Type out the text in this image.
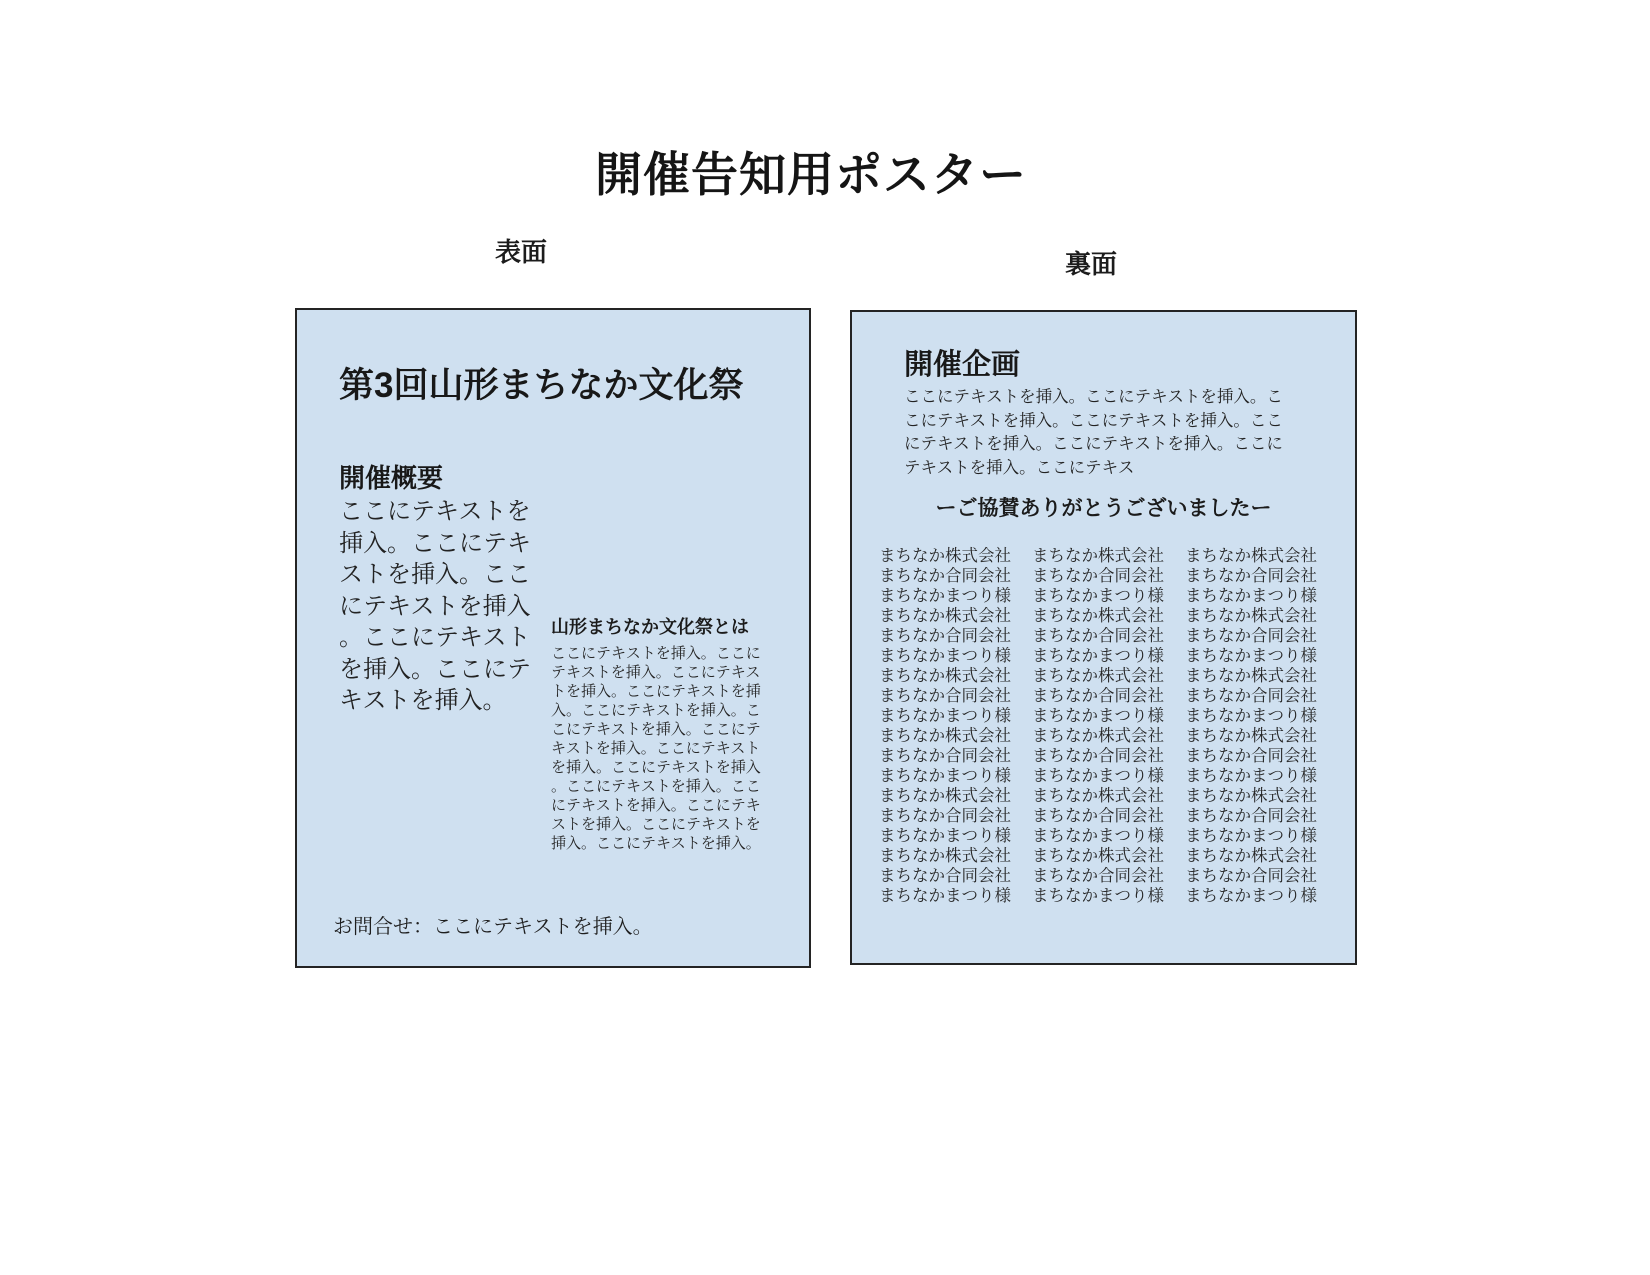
開催告知用ポスター
表面	裏面
第3回山形まちなか文化祭
開催概要
ここにテキストを挿入。ここにテキストを挿入。ここにテキストを挿入。ここにテキストを挿入。ここにテキストを挿入。
山形まちなか文化祭とは
ここにテキストを挿入。ここにテキストを挿入。ここにテキストを挿入。ここにテキストを挿入。ここにテキストを挿入。ここにテキストを挿入。ここにテキストを挿入。ここにテキストを挿入。ここにテキストを挿入。ここにテキストを挿入。ここにテキストを挿入。ここにテキストを挿入。ここにテキストを挿入。ここにテキストを挿入。
お問合せ：ここにテキストを挿入。
開催企画
ここにテキストを挿入。ここにテキストを挿入。ここにテキストを挿入。ここにテキストを挿入。ここにテキストを挿入。ここにテキストを挿入。ここにテキストを挿入。ここにテキス
ーご協賛ありがとうございましたー
まちなか株式会社
まちなか合同会社
まちなかまつり様
まちなか株式会社
まちなか合同会社
まちなかまつり様
まちなか株式会社
まちなか合同会社
まちなかまつり様
まちなか株式会社
まちなか合同会社
まちなかまつり様
まちなか株式会社
まちなか合同会社
まちなかまつり様
まちなか株式会社
まちなか合同会社
まちなかまつり様
まちなか株式会社
まちなか合同会社
まちなかまつり様
まちなか株式会社
まちなか合同会社
まちなかまつり様
まちなか株式会社
まちなか合同会社
まちなかまつり様
まちなか株式会社
まちなか合同会社
まちなかまつり様
まちなか株式会社
まちなか合同会社
まちなかまつり様
まちなか株式会社
まちなか合同会社
まちなかまつり様
まちなか株式会社
まちなか合同会社
まちなかまつり様
まちなか株式会社
まちなか合同会社
まちなかまつり様
まちなか株式会社
まちなか合同会社
まちなかまつり様
まちなか株式会社
まちなか合同会社
まちなかまつり様
まちなか株式会社
まちなか合同会社
まちなかまつり様
まちなか株式会社
まちなか合同会社
まちなかまつり様
